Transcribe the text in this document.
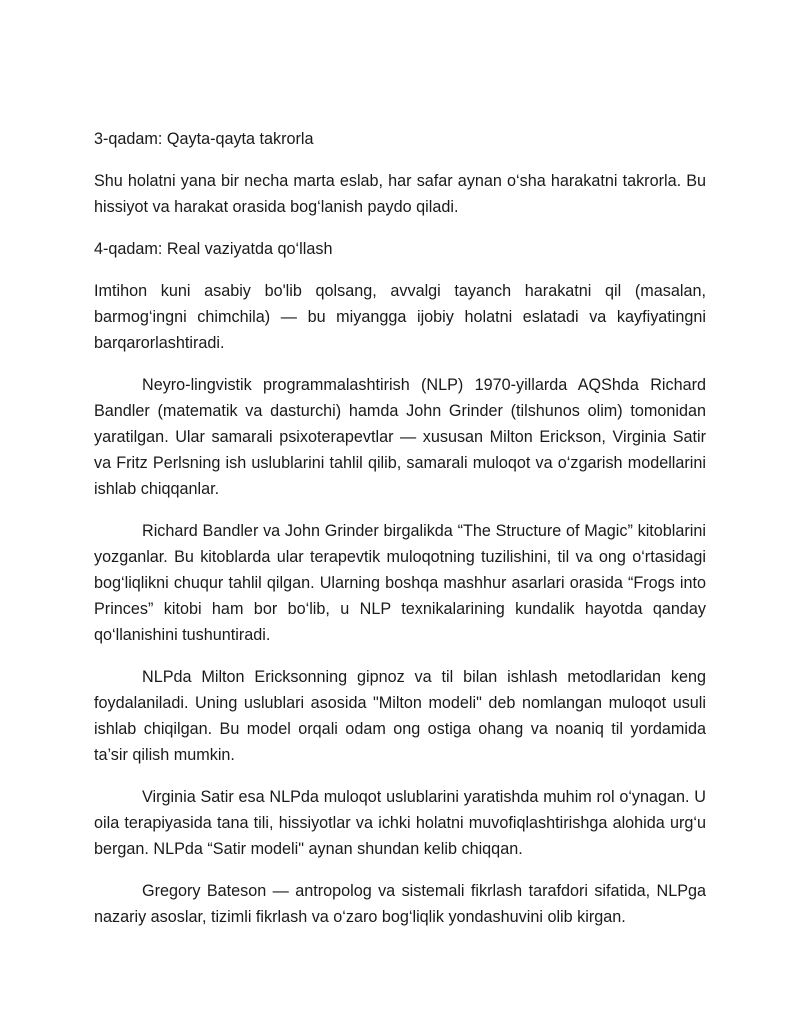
3-qadam: Qayta-qayta takrorla

Shu holatni yana bir necha marta eslab, har safar aynan o‘sha harakatni takrorla. Bu hissiyot va harakat orasida bog‘lanish paydo qiladi.

4-qadam: Real vaziyatda qo‘llash

Imtihon kuni asabiy bo'lib qolsang, avvalgi tayanch harakatni qil (masalan, barmog‘ingni chimchila) — bu miyangga ijobiy holatni eslatadi va kayfiyatingni barqarorlashtiradi.

Neyro-lingvistik programmalashtirish (NLP) 1970-yillarda AQShda Richard Bandler (matematik va dasturchi) hamda John Grinder (tilshunos olim) tomonidan yaratilgan. Ular samarali psixoterapevtlar — xususan Milton Erickson, Virginia Satir va Fritz Perlsning ish uslublarini tahlil qilib, samarali muloqot va o‘zgarish modellarini ishlab chiqqanlar.

Richard Bandler va John Grinder birgalikda “The Structure of Magic” kitoblarini yozganlar. Bu kitoblarda ular terapevtik muloqotning tuzilishini, til va ong o‘rtasidagi bog‘liqlikni chuqur tahlil qilgan. Ularning boshqa mashhur asarlari orasida “Frogs into Princes” kitobi ham bor bo‘lib, u NLP texnikalarining kundalik hayotda qanday qo‘llanishini tushuntiradi.

NLPda Milton Ericksonning gipnoz va til bilan ishlash metodlaridan keng foydalaniladi. Uning uslublari asosida "Milton modeli" deb nomlangan muloqot usuli ishlab chiqilgan. Bu model orqali odam ong ostiga ohang va noaniq til yordamida ta’sir qilish mumkin.

Virginia Satir esa NLPda muloqot uslublarini yaratishda muhim rol o‘ynagan. U oila terapiyasida tana tili, hissiyotlar va ichki holatni muvofiqlashtirishga alohida urg‘u bergan. NLPda “Satir modeli" aynan shundan kelib chiqqan.

Gregory Bateson — antropolog va sistemali fikrlash tarafdori sifatida, NLPga nazariy asoslar, tizimli fikrlash va o‘zaro bog‘liqlik yondashuvini olib kirgan.
